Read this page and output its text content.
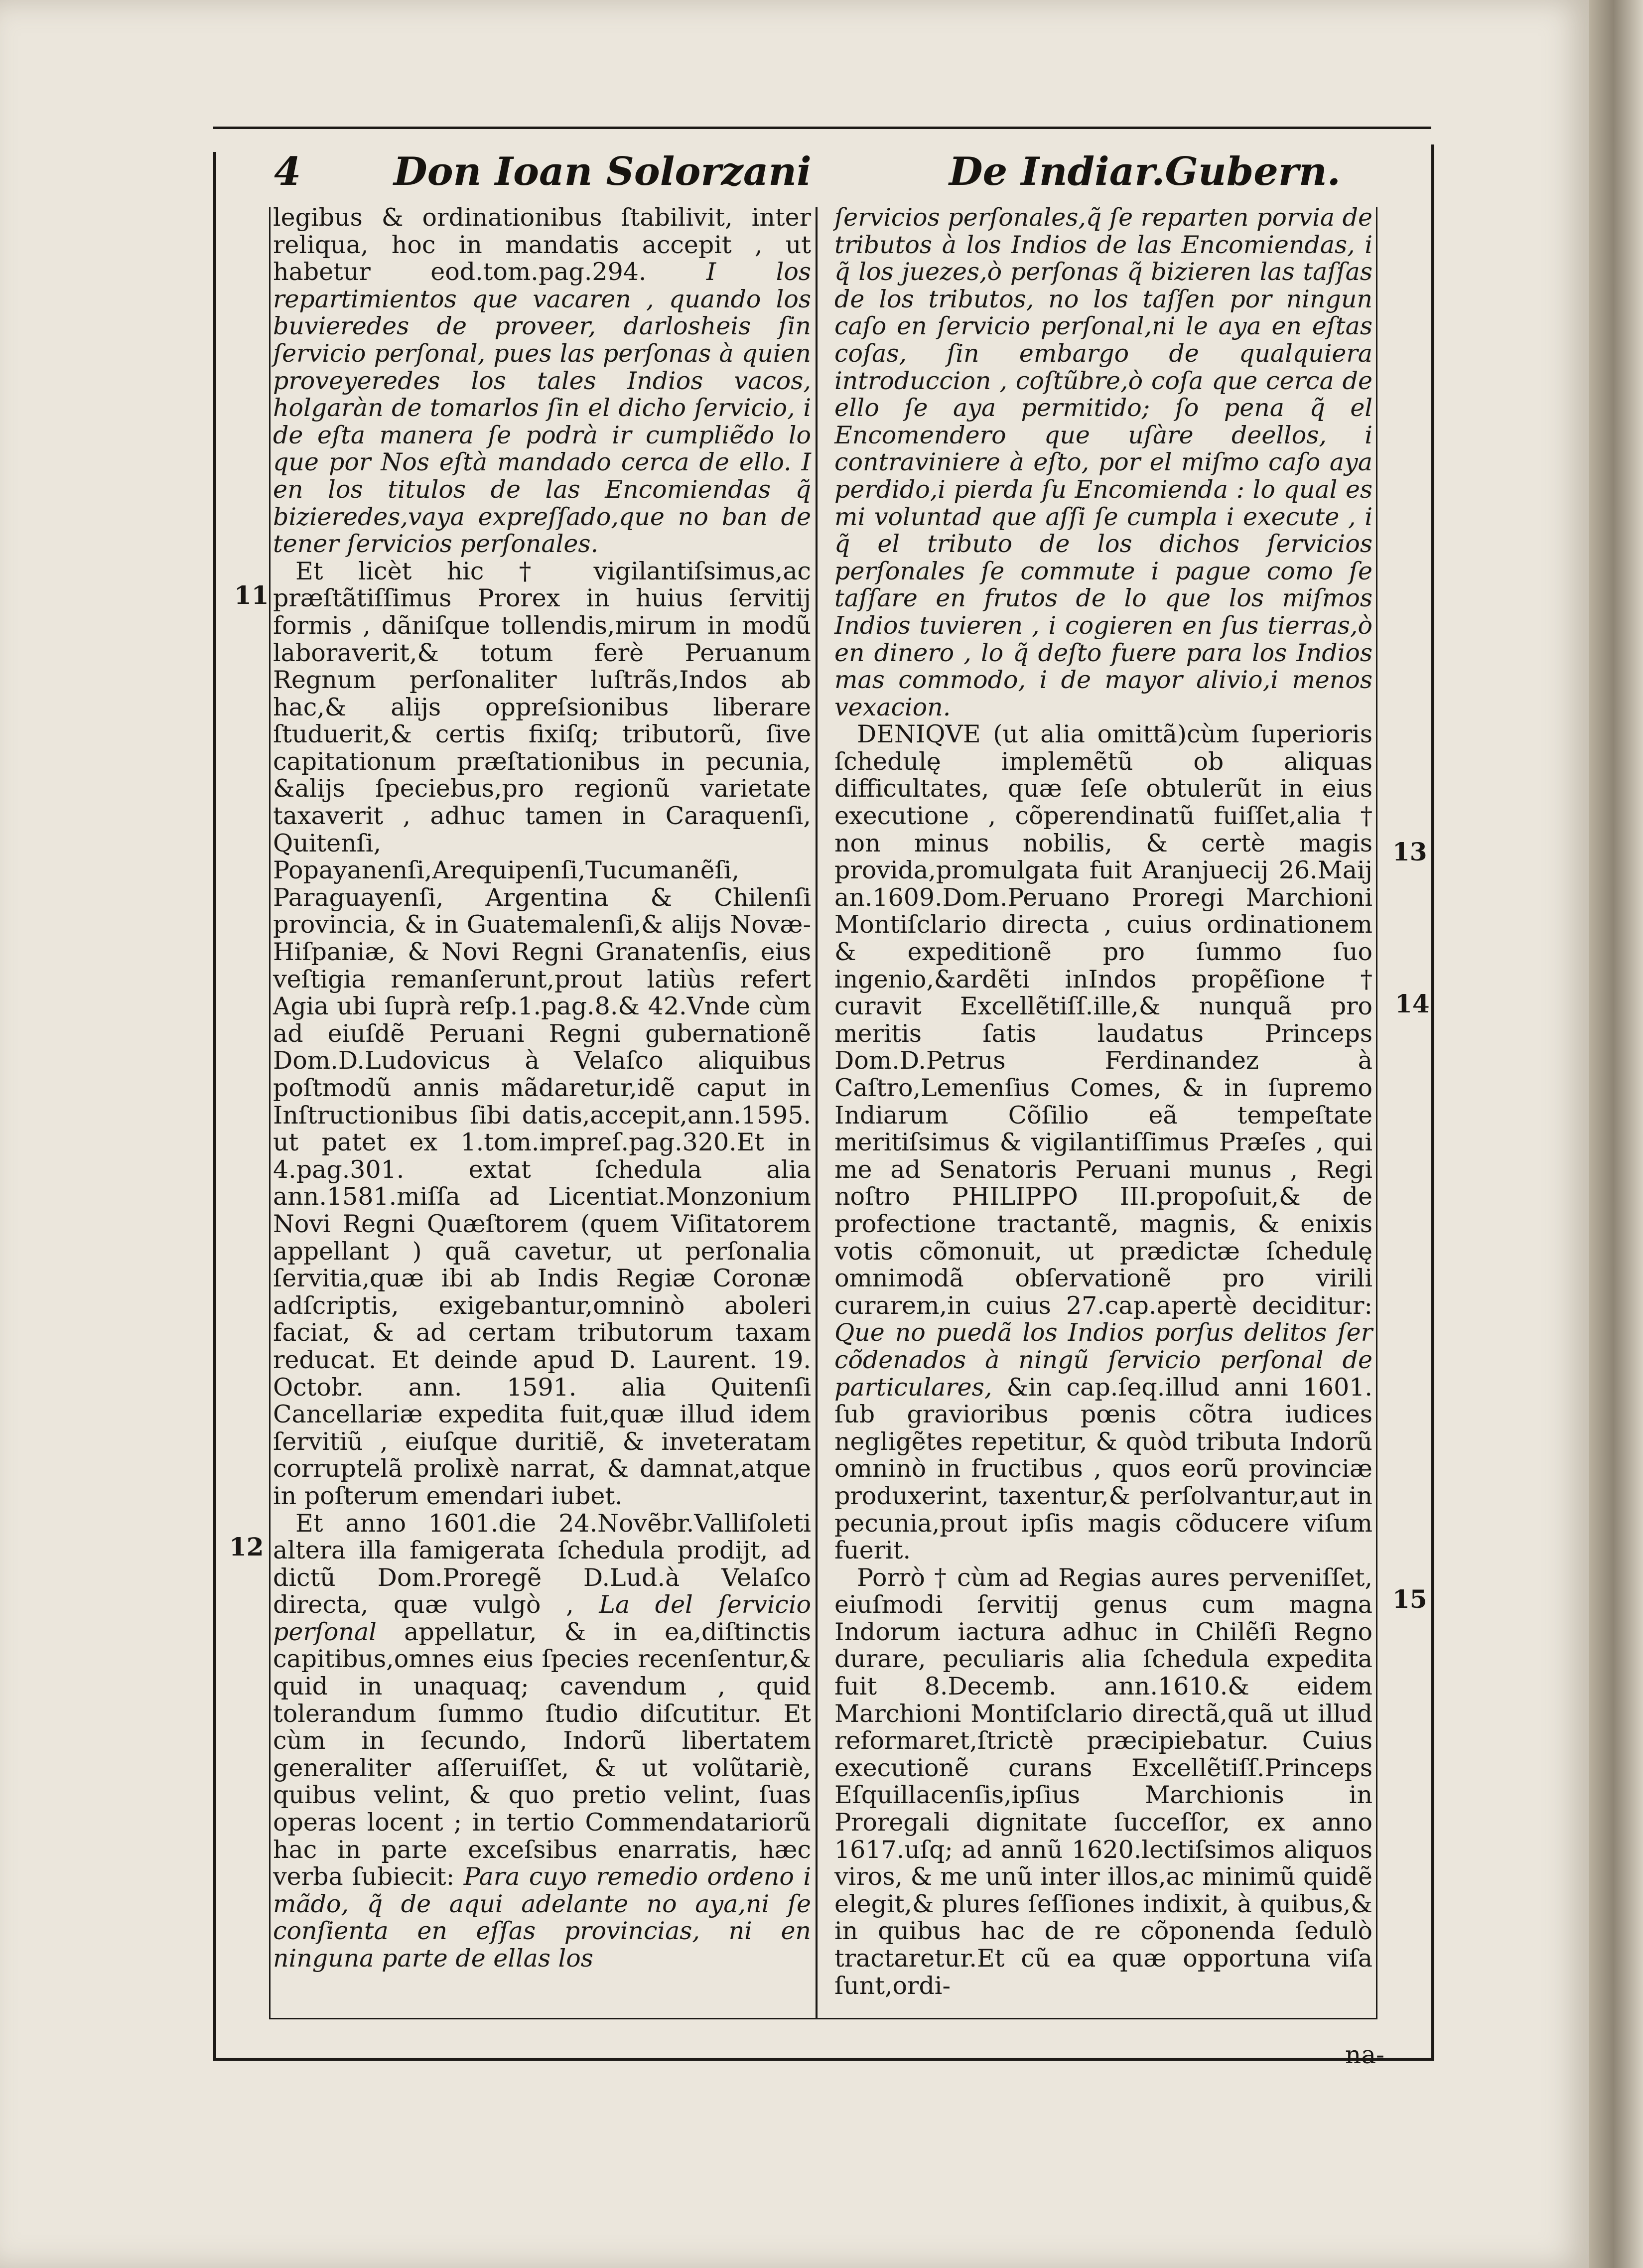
4 Don Ioan Solorzani	De Indiar.Gubern.

legibus & ordinationibus ſtabilivit, inter reliqua, hoc in mandatis accepit , ut habetur eod.tom.pag.294. I los repartimientos que vacaren , quando los buvieredes de proveer, darlosheis ſin ſervicio perſonal, pues las perſonas à quien proveyeredes los tales Indios vacos, holgaràn de tomarlos ſin el dicho ſervicio, i de eſta manera ſe podrà ir cumpliẽdo lo que por Nos eſtà mandado cerca de ello. I en los titulos de las Encomiendas q̃ bizieredes,vaya expreſſado,que no ban de tener ſervicios perſonales.

Et licèt hic † vigilantiſsimus,ac præſtãtiſſimus Prorex in huius ſervitij formis , dãniſque tollendis,mirum in modũ laboraverit,& totum ferè Peruanum Regnum perſonaliter luſtrãs,Indos ab hac,& alijs oppreſsionibus liberare ſtuduerit,& certis fixiſq; tributorũ, ſive capitationum præſtationibus in pecunia, &alijs ſpeciebus,pro regionũ varietate taxaverit , adhuc tamen in Caraquenſi, Quitenſi, Popayanenſi,Arequipenſi,Tucumanẽſi, Paraguayenſi, Argentina & Chilenſi provincia, & in Guatemalenſi,& alijs Novæ-Hiſpaniæ, & Novi Regni Granatenſis, eius veſtigia remanſerunt,prout latiùs refert Agia ubi ſuprà reſp.1.pag.8.& 42.Vnde cùm ad eiuſdẽ Peruani Regni gubernationẽ Dom.D.Ludovicus à Velaſco aliquibus poſtmodũ annis mãdaretur,idẽ caput in Inſtructionibus ſibi datis,accepit,ann.1595. ut patet ex 1.tom.impreſ.pag.320.Et in 4.pag.301. extat ſchedula alia ann.1581.miſſa ad Licentiat.Monzonium Novi Regni Quæſtorem (quem Viſitatorem appellant ) quã cavetur, ut perſonalia ſervitia,quæ ibi ab Indis Regiæ Coronæ adſcriptis, exigebantur,omninò aboleri faciat, & ad certam tributorum taxam reducat. Et deinde apud D. Laurent. 19. Octobr. ann. 1591. alia Quitenſi Cancellariæ expedita fuit,quæ illud idem ſervitiũ , eiuſque duritiẽ, & inveteratam corruptelã prolixè narrat, & damnat,atque in poſterum emendari iubet.

Et anno 1601.die 24.Novẽbr.Valliſoleti altera illa famigerata ſchedula prodijt, ad dictũ Dom.Proregẽ D.Lud.à Velaſco directa, quæ vulgò , La del ſervicio perſonal appellatur, & in ea,diſtinctis capitibus,omnes eius ſpecies recenſentur,& quid in unaquaq; cavendum , quid tolerandum ſummo ſtudio diſcutitur. Et cùm in ſecundo, Indorũ libertatem generaliter aſſeruiſſet, & ut volũtariè, quibus velint, & quo pretio velint, ſuas operas locent ; in tertio Commendatariorũ hac in parte exceſsibus enarratis, hæc verba ſubiecit: Para cuyo remedio ordeno i mãdo, q̃ de aqui adelante no aya,ni ſe conſienta en eſſas provincias, ni en ninguna parte de ellas los

ſervicios perſonales,q̃ ſe reparten porvia de tributos à los Indios de las Encomiendas, i q̃ los juezes,ò perſonas q̃ bizieren las taſſas de los tributos, no los taſſen por ningun caſo en ſervicio perſonal,ni le aya en eſtas coſas, ſin embargo de qualquiera introduccion , coſtũbre,ò coſa que cerca de ello ſe aya permitido; ſo pena q̃ el Encomendero que uſàre deellos, i contraviniere à eſto, por el miſmo caſo aya perdido,i pierda ſu Encomienda : lo qual es mi voluntad que aſſi ſe cumpla i execute , i q̃ el tributo de los dichos ſervicios perſonales ſe commute i pague como ſe taſſare en frutos de lo que los miſmos Indios tuvieren , i cogieren en ſus tierras,ò en dinero , lo q̃ deſto fuere para los Indios mas commodo, i de mayor alivio,i menos vexacion.

DENIQVE (ut alia omittã)cùm ſuperioris ſchedulę implemẽtũ ob aliquas difficultates, quæ ſeſe obtulerũt in eius executione , cõperendinatũ fuiſſet,alia † non minus nobilis, & certè magis provida,promulgata fuit Aranjuecij 26.Maij an.1609.Dom.Peruano Proregi Marchioni Montiſclario directa , cuius ordinationem & expeditionẽ pro ſummo ſuo ingenio,&ardẽti inIndos propẽſione † curavit Excellẽtiſſ.ille,& nunquã pro meritis ſatis laudatus Princeps Dom.D.Petrus Ferdinandez à Caſtro,Lemenſius Comes, & in ſupremo Indiarum Cõſilio eã tempeſtate meritiſsimus & vigilantiſſimus Præſes , qui me ad Senatoris Peruani munus , Regi noſtro PHILIPPO III.propoſuit,& de profectione tractantẽ, magnis, & enixis votis cõmonuit, ut prædictæ ſchedulę omnimodã obſervationẽ pro virili curarem,in cuius 27.cap.apertè deciditur: Que no puedã los Indios porſus delitos ſer cõdenados à ningũ ſervicio perſonal de particulares, &in cap.ſeq.illud anni 1601. ſub gravioribus pœnis cõtra iudices negligẽtes repetitur, & quòd tributa Indorũ omninò in fructibus , quos eorũ provinciæ produxerint, taxentur,& perſolvantur,aut in pecunia,prout ipſis magis cõducere viſum fuerit.

Porrò † cùm ad Regias aures perveniſſet, eiuſmodi ſervitij genus cum magna Indorum iactura adhuc in Chilẽſi Regno durare, peculiaris alia ſchedula expedita fuit 8.Decemb. ann.1610.& eidem Marchioni Montiſclario directã,quã ut illud reformaret,ſtrictè præcipiebatur. Cuius executionẽ curans Excellẽtiſſ.Princeps Eſquillacenſis,ipſius Marchionis in Proregali dignitate ſucceſſor, ex anno 1617.uſq; ad annũ 1620.lectiſsimos aliquos viros, & me unũ inter illos,ac minimũ quidẽ elegit,& plures ſeſſiones indixit, à quibus,& in quibus hac de re cõponenda ſedulò tractaretur.Et cũ ea quæ opportuna viſa ſunt,ordi-

11
12
13
14
15
na-
